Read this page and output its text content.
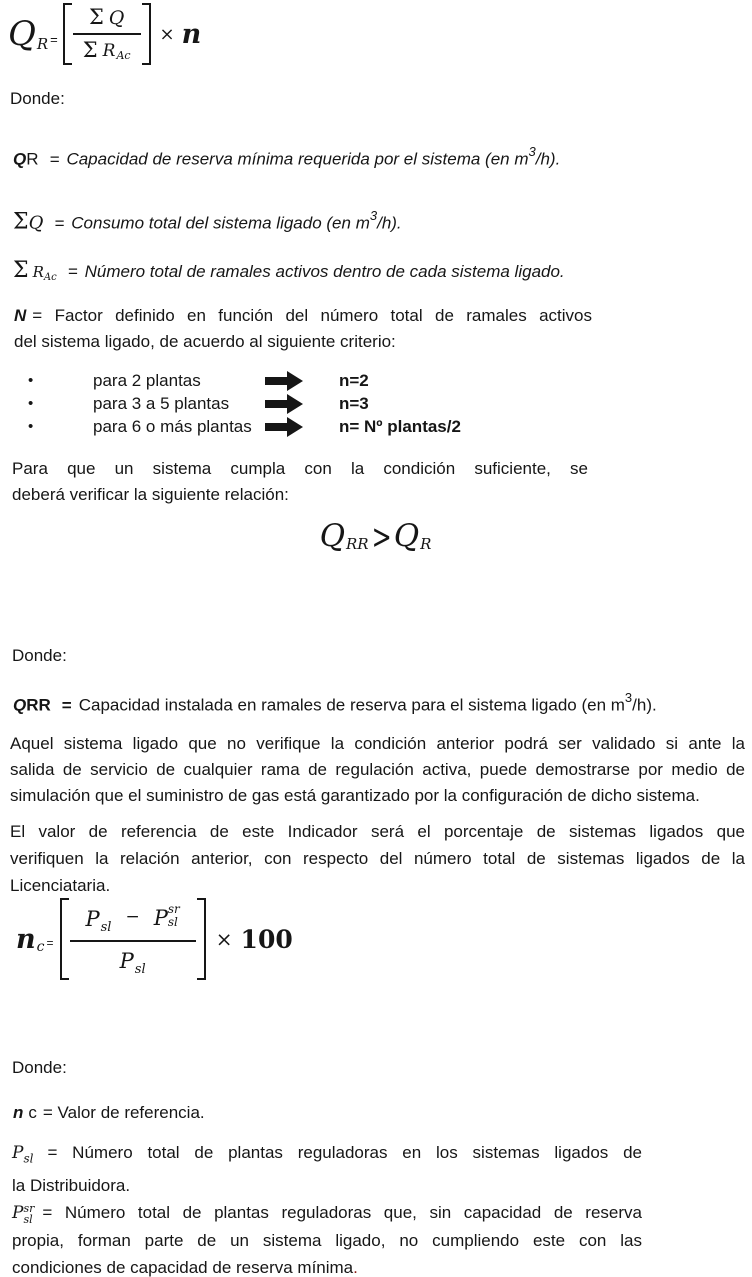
Q $R = \frac{\text{Σ Q}}{\text{Σ RAc}} \times n$

Donde:

QR = Capacidad de reserva mínima requerida por el sistema (en $m^3/h$).

ΣQ = Consumo total del sistema ligado (en $m^3/h$).

Σ RAc = Número total de ramales activos dentro de cada sistema ligado.

N = Factor definido en función del número total de ramales activos
del sistema ligado, de acuerdo al siguiente criterio:
•	para 2 plantas	n=2
•	para 3 a 5 plantas	n=3
•	para 6 o más plantas	n= Nº plantas/2
Para que un sistema cumpla con la condición suficiente, se
deberá verificar la siguiente relación:
Q RR > Q R

Donde:

QRR = Capacidad instalada en ramales de reserva para el sistema ligado (en $m^3/h$).

Aquel sistema ligado que no verifique la condición anterior podrá ser validado si ante la
salida de servicio de cualquier rama de regulación activa, puede demostrarse por medio de
simulación que el suministro de gas está garantizado por la configuración de dicho sistema.
El valor de referencia de este Indicador será el porcentaje de sistemas ligados que
verifiquen la relación anterior, con respecto del número total de sistemas ligados de la
Licenciataria.
n $c = P_{sl}$
− P sr
sl
$P_{sl} \times 100$

Donde:

n c = Valor de referencia.

$P_{sl}$ = Número total de plantas reguladoras en los sistemas ligados de
la Distribuidora.
P sr
sl = Número total de plantas reguladoras que, sin capacidad de reserva
propia, forman parte de un sistema ligado, no cumpliendo este con las
condiciones de capacidad de reserva mínima.
